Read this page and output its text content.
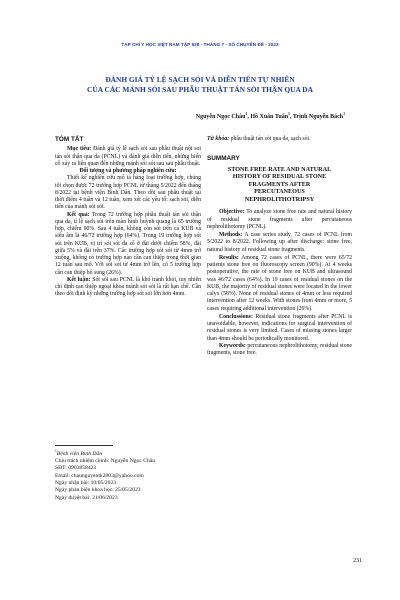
TẠP CHÍ Y HỌC VIỆT NAM TẬP 528 - THÁNG 7 - SỐ CHUYÊN ĐỀ - 2023
ĐÁNH GIÁ TỶ LỆ SẠCH SỎI VÀ DIỄN TIẾN TỰ NHIÊN
CỦA CÁC MẢNH SỎI SAU PHẪU THUẬT TÁN SỎI THẬN QUA DA
Nguyễn Ngọc Châu$^1$, Hồ Xuân Tuấn$^1$, Trịnh Nguyễn Bách$^1$
TÓM TẮT

Mục tiêu: Đánh giá tỷ lệ sạch sỏi sau phẫu thuật nội soi tán sỏi thận qua da (PCNL) và đánh giá diễn tiến, những biến cố xảy ra liên quan đến những mảnh sỏi sót sau sau phẫu thuật.

Đối tượng và phương pháp nghiên cứu:

Thiết kế nghiên cứu mô tả hàng loạt trường hợp, chúng tôi chọn được 72 trường hợp PCNL từ tháng 5/2022 đến tháng 8/2022 tại bệnh viện Bình Dân. Theo dõi sau phẫu thuật tại thời điểm 4 tuần và 12 tuần, xem xét các yếu tố: sạch sỏi, diễn tiến của mảnh sỏi sót.

Kết quả: Trong 72 trường hợp phẫu thuật tán sỏi thận qua da, tỉ lệ sạch sỏi trên màn hình huỳnh quang là 65 trường hợp, chiếm 90%. Sau 4 tuần, không còn sỏi trên cả KUB và siêu âm là 46/72 trường hợp (64%). Trong 19 trường hợp sót sỏi trên KUB, vị trí sỏi sót đa số ở đài dưới chiếm 58%, đài giữa 5% và đài trên 37%. Các trường hợp sót sót từ 4mm trở xuống, không có trường hợp nào cần can thiệp trong thời gian 12 tuần sau mổ. Với sỏi sót từ 4mm trở lên, có 5 trường hợp cần can thiệp bổ sung (26%).

Kết luận: Sót sỏi sau PCNL là khó tránh khỏi, tuy nhiên chỉ định can thiệp ngoại khoa mảnh sỏi sót là rất hạn chế. Cần theo dõi định kỳ những trường hợp sót sỏi lớn hơn 4mm.

Từ khóa: phẫu thuật tán sỏi qua da, sạch sỏi.

SUMMARY
STONE FREE RATE AND NATURAL
HISTORY OF RESIDUAL STONE
FRAGMENTS AFTER
PERCUTANEOUS
NEPHROLITHOTRIPSY

Objective: To analyze stone free rate and natural history of residual stone fragments after percutaneous nephrolithotomy (PCNL).

Methods: A case series study, 72 cases of PCNL from 5/2022 to 8/2022. Following up after discharge: stone free, natural history of residual stone fragments.

Results: Among 72 cases of PCNL, there were 65/72 patients stone free on fluoroscopy screen (90%). At 4 weeks postoperative, the rate of stone free on KUB and ultrasound was 46/72 cases (64%). In 19 cases of residual stones on the KUB, the majority of residual stones were located in the lower calyx (58%). None of residual stones of 4mm or less required intervention after 12 weeks. With stones from 4mm or more, 5 cases requiring additional intervention (26%).

Conclussions: Residual stone fragments after PCNL is unavoidable, however, indications for surgical intervention of residual stones is very limited. Cases of missing stones larger than 4mm should be periodically monitored.

Keywords: percutaneous nephrolithotomy, residual stone fragments, stone free.

$^1$Bệnh viện Bình Dân
Chịu trách nhiệm chính: Nguyễn Ngọc Châu
SĐT: 0903858423
Email: chaunguyentk2003@yahoo.com
Ngày nhận bài: 10/05/2023
Ngày phản biện khoa học: 25/05/2023
Ngày duyệt bài: 21/06/2023
231
